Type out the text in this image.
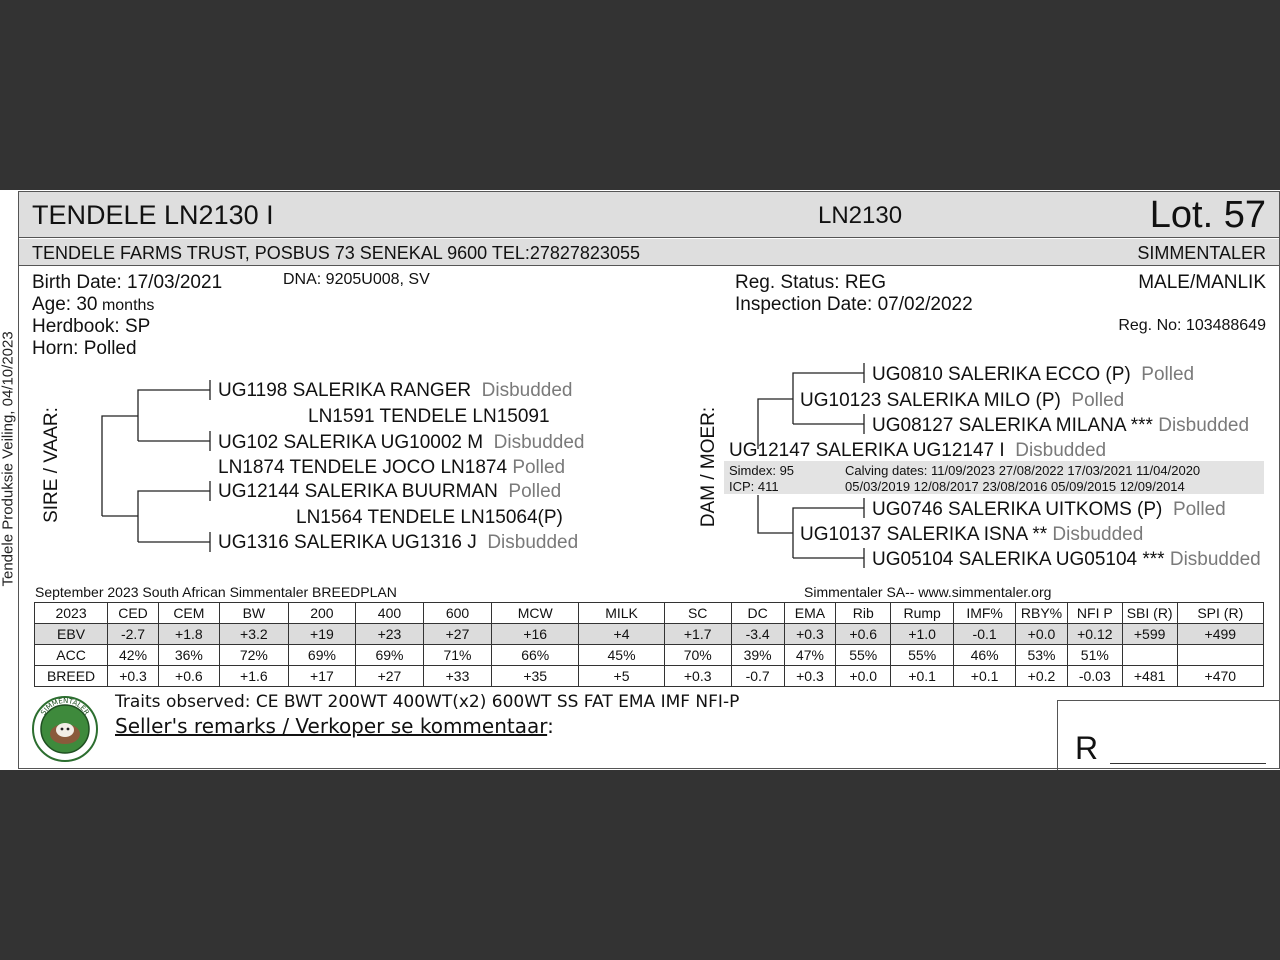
Tendele Produksie Veiling, 04/10/2023
TENDELE LN2130 I	LN2130	Lot. 57
TENDELE FARMS TRUST, POSBUS 73 SENEKAL 9600 TEL:27827823055	SIMMENTALER
Birth Date: 17/03/2021	DNA: 9205U008, SV
Age: 30 months
Herdbook: SP
Horn: Polled
Reg. Status: REG
Inspection Date: 07/02/2022
MALE/MANLIK
Reg. No: 103488649
SIRE / VAAR:
UG1198 SALERIKA RANGER Disbudded
LN1591 TENDELE LN15091
UG102 SALERIKA UG10002 M Disbudded
LN1874 TENDELE JOCO LN1874 Polled
UG12144 SALERIKA BUURMAN Polled
LN1564 TENDELE LN15064(P)
UG1316 SALERIKA UG1316 J Disbudded
DAM / MOER:
UG0810 SALERIKA ECCO (P) Polled
UG10123 SALERIKA MILO (P) Polled
UG08127 SALERIKA MILANA *** Disbudded
UG12147 SALERIKA UG12147 I Disbudded
Simdex: 95
ICP: 411
Calving dates: 11/09/2023 27/08/2022 17/03/2021 11/04/2020
05/03/2019 12/08/2017 23/08/2016 05/09/2015 12/09/2014
UG0746 SALERIKA UITKOMS (P) Polled
UG10137 SALERIKA ISNA ** Disbudded
UG05104 SALERIKA UG05104 *** Disbudded
September 2023 South African Simmentaler BREEDPLAN	Simmentaler SA-- www.simmentaler.org
2023	CED	CEM	BW	200	400	600	MCW	MILK	SC	DC	EMA	Rib	Rump	IMF%	RBY%	NFI P	SBI (R)	SPI (R)
EBV	-2.7	+1.8	+3.2	+19	+23	+27	+16	+4	+1.7	-3.4	+0.3	+0.6	+1.0	-0.1	+0.0	+0.12	+599	+499
ACC	42%	36%	72%	69%	69%	71%	66%	45%	70%	39%	47%	55%	55%	46%	53%	51%		
BREED	+0.3	+0.6	+1.6	+17	+27	+33	+35	+5	+0.3	-0.7	+0.3	+0.0	+0.1	+0.1	+0.2	-0.03	+481	+470
SIMMENTALER
Traits observed: CE BWT 200WT 400WT(x2) 600WT SS FAT EMA IMF NFI-P
Seller's remarks / Verkoper se kommentaar:
R
